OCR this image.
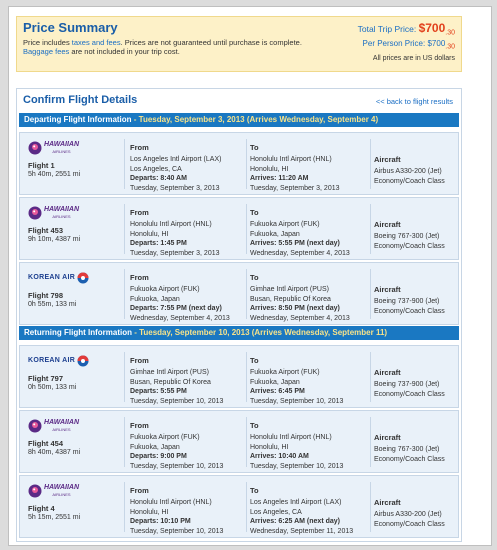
Price Summary
Price includes taxes and fees. Prices are not guaranteed until purchase is complete.
Baggage fees are not included in your trip cost.
Total Trip Price: $\$700_{.30}$
Per Person Price: $700.30
All prices are in US dollars
Confirm Flight Details	<< back to flight results
Departing Flight Information - Tuesday, September 3, 2013 (Arrives Wednesday, September 4)
Returning Flight Information - Tuesday, September 10, 2013 (Arrives Wednesday, September 11)
HAWAIIAN
AIRLINES
Flight 1
5h 40m, 2551 mi
From
Los Angeles Intl Airport (LAX)
Los Angeles, CA
Departs: 8:40 AM
Tuesday, September 3, 2013
To
Honolulu Intl Airport (HNL)
Honolulu, HI
Arrives: 11:20 AM
Tuesday, September 3, 2013
Aircraft
Airbus A330-200 (Jet)
Economy/Coach Class
HAWAIIAN
AIRLINES
Flight 453
9h 10m, 4387 mi
From
Honolulu Intl Airport (HNL)
Honolulu, HI
Departs: 1:45 PM
Tuesday, September 3, 2013
To
Fukuoka Airport (FUK)
Fukuoka, Japan
Arrives: 5:55 PM (next day)
Wednesday, September 4, 2013
Aircraft
Boeing 767-300 (Jet)
Economy/Coach Class
KOREAN AIR
Flight 798
0h 55m, 133 mi
From
Fukuoka Airport (FUK)
Fukuoka, Japan
Departs: 7:55 PM (next day)
Wednesday, September 4, 2013
To
Gimhae Intl Airport (PUS)
Busan, Republic Of Korea
Arrives: 8:50 PM (next day)
Wednesday, September 4, 2013
Aircraft
Boeing 737-900 (Jet)
Economy/Coach Class
KOREAN AIR
Flight 797
0h 50m, 133 mi
From
Gimhae Intl Airport (PUS)
Busan, Republic Of Korea
Departs: 5:55 PM
Tuesday, September 10, 2013
To
Fukuoka Airport (FUK)
Fukuoka, Japan
Arrives: 6:45 PM
Tuesday, September 10, 2013
Aircraft
Boeing 737-900 (Jet)
Economy/Coach Class
HAWAIIAN
AIRLINES
Flight 454
8h 40m, 4387 mi
From
Fukuoka Airport (FUK)
Fukuoka, Japan
Departs: 9:00 PM
Tuesday, September 10, 2013
To
Honolulu Intl Airport (HNL)
Honolulu, HI
Arrives: 10:40 AM
Tuesday, September 10, 2013
Aircraft
Boeing 767-300 (Jet)
Economy/Coach Class
HAWAIIAN
AIRLINES
Flight 4
5h 15m, 2551 mi
From
Honolulu Intl Airport (HNL)
Honolulu, HI
Departs: 10:10 PM
Tuesday, September 10, 2013
To
Los Angeles Intl Airport (LAX)
Los Angeles, CA
Arrives: 6:25 AM (next day)
Wednesday, September 11, 2013
Aircraft
Airbus A330-200 (Jet)
Economy/Coach Class
